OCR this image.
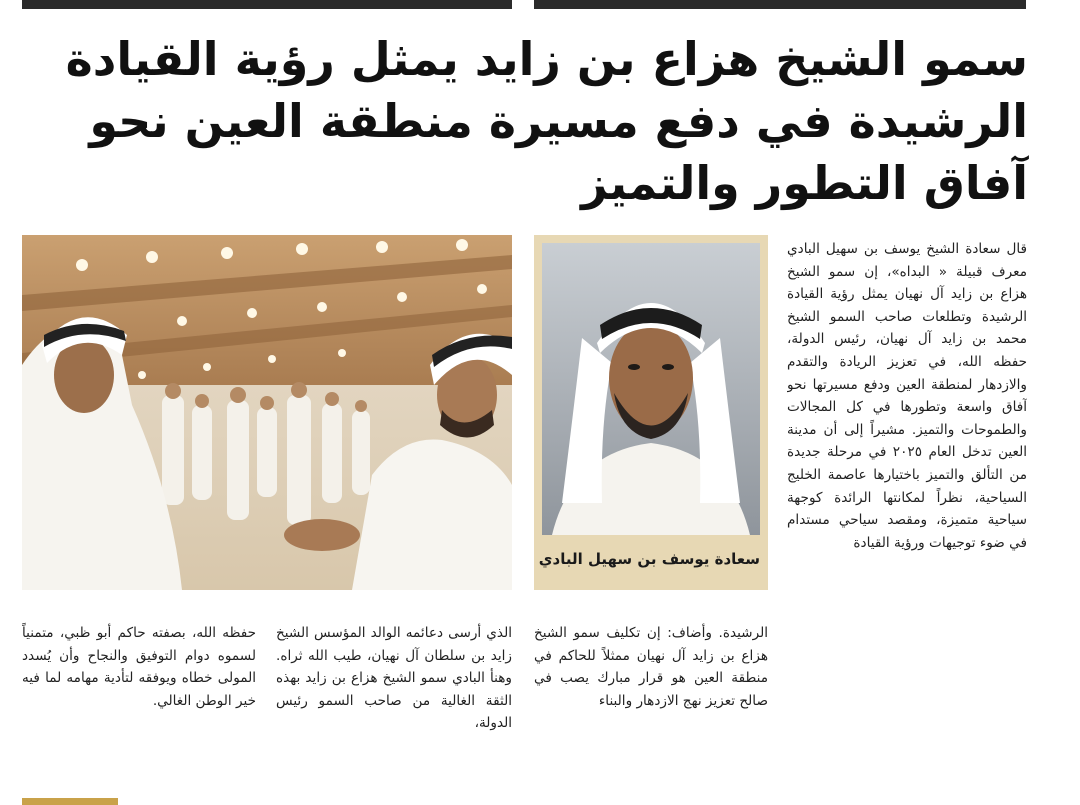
سمو الشيخ هزاع بن زايد يمثل رؤية القيادة
الرشيدة في دفع مسيرة منطقة العين نحو
آفاق التطور والتميز
سعادة يوسف بن سهيل البادي

قال سعادة الشيخ يوسف بن سهيل البادي معرف قبيلة « البداه»، إن سمو الشيخ هزاع بن زايد آل نهيان يمثل رؤية القيادة الرشيدة وتطلعات صاحب السمو الشيخ محمد بن زايد آل نهيان، رئيس الدولة، حفظه الله، في تعزيز الريادة والتقدم والازدهار لمنطقة العين ودفع مسيرتها نحو آفاق واسعة وتطورها في كل المجالات والطموحات والتميز. مشيراً إلى أن مدينة العين تدخل العام ٢٠٢٥ في مرحلة جديدة من التألق والتميز باختيارها عاصمة الخليج السياحية، نظراً لمكانتها الرائدة كوجهة سياحية متميزة، ومقصد سياحي مستدام في ضوء توجيهات ورؤية القيادة

الرشيدة. وأضاف: إن تكليف سمو الشيخ هزاع بن زايد آل نهيان ممثلاً للحاكم في منطقة العين هو قرار مبارك يصب في صالح تعزيز نهج الازدهار والبناء

الذي أرسى دعائمه الوالد المؤسس الشيخ زايد بن سلطان آل نهيان، طيب الله ثراه. وهنأ البادي سمو الشيخ هزاع بن زايد بهذه الثقة الغالية من صاحب السمو رئيس الدولة،

حفظه الله، بصفته حاكم أبو ظبي، متمنياً لسموه دوام التوفيق والنجاح وأن يُسدد المولى خطاه ويوفقه لتأدية مهامه لما فيه خير الوطن الغالي.
